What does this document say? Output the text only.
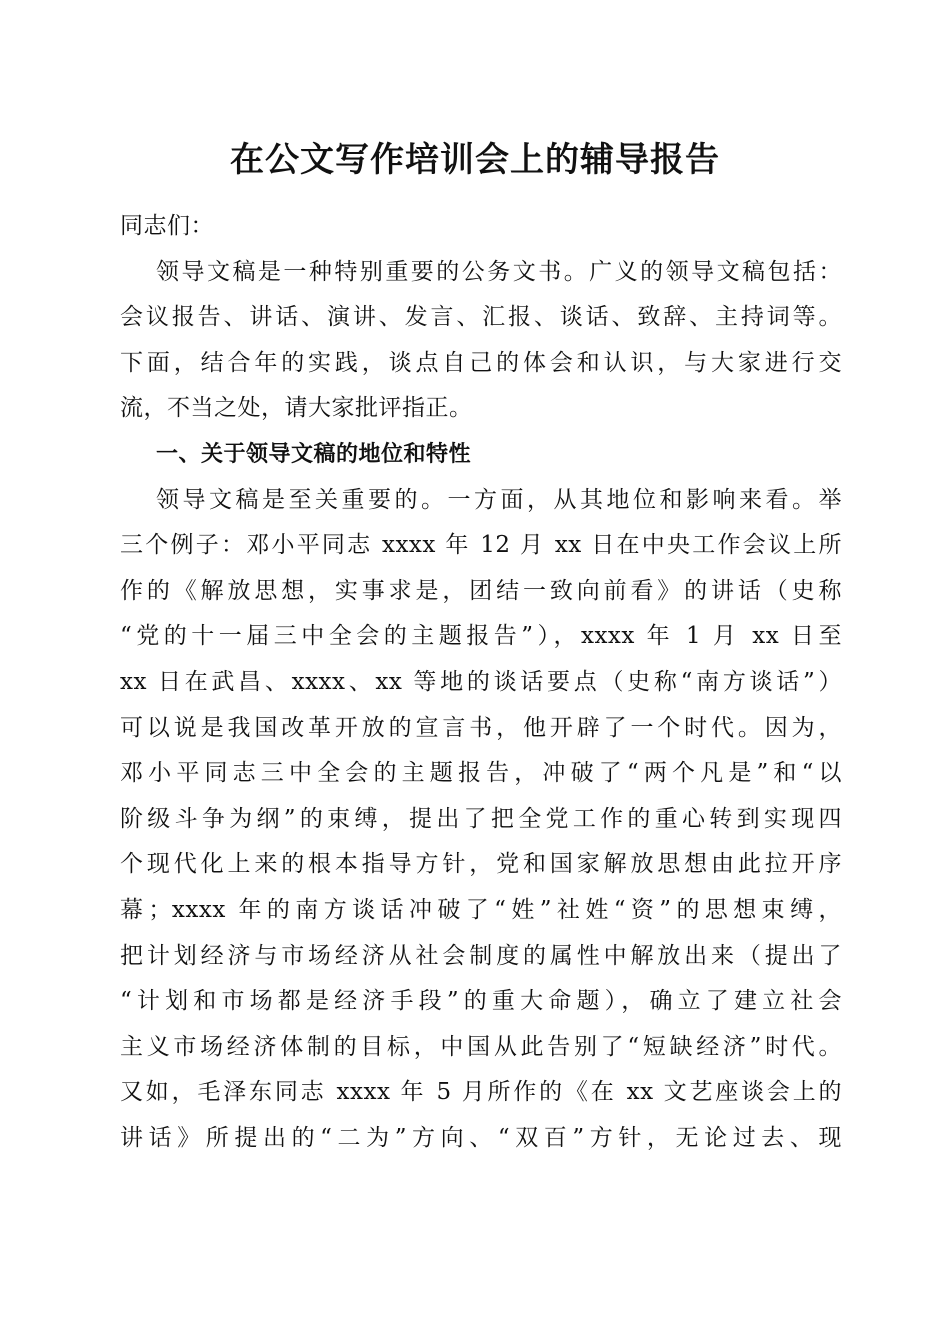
在公文写作培训会上的辅导报告
同志们：
领导文稿是一种特别重要的公务文书。广义的领导文稿包括：
会议报告、讲话、演讲、发言、汇报、谈话、致辞、主持词等。
下面，结合年的实践，谈点自己的体会和认识，与大家进行交
流，不当之处，请大家批评指正。
一、关于领导文稿的地位和特性
领导文稿是至关重要的。一方面，从其地位和影响来看。举
三个例子：邓小平同志 xxxx 年 12 月 xx 日在中央工作会议上所
作的《解放思想，实事求是，团结一致向前看》的讲话（史称
“党的十一届三中全会的主题报告”），xxxx 年 1 月 xx 日至
xx 日在武昌、xxxx、xx 等地的谈话要点（史称“南方谈话”）
可以说是我国改革开放的宣言书，他开辟了一个时代。因为，
邓小平同志三中全会的主题报告，冲破了“两个凡是”和“以
阶级斗争为纲”的束缚，提出了把全党工作的重心转到实现四
个现代化上来的根本指导方针，党和国家解放思想由此拉开序
幕；xxxx 年的南方谈话冲破了“姓”社姓“资”的思想束缚，
把计划经济与市场经济从社会制度的属性中解放出来（提出了
“计划和市场都是经济手段”的重大命题），确立了建立社会
主义市场经济体制的目标，中国从此告别了“短缺经济”时代。
又如，毛泽东同志 xxxx 年 5 月所作的《在 xx 文艺座谈会上的
讲话》所提出的“二为”方向、“双百”方针，无论过去、现
